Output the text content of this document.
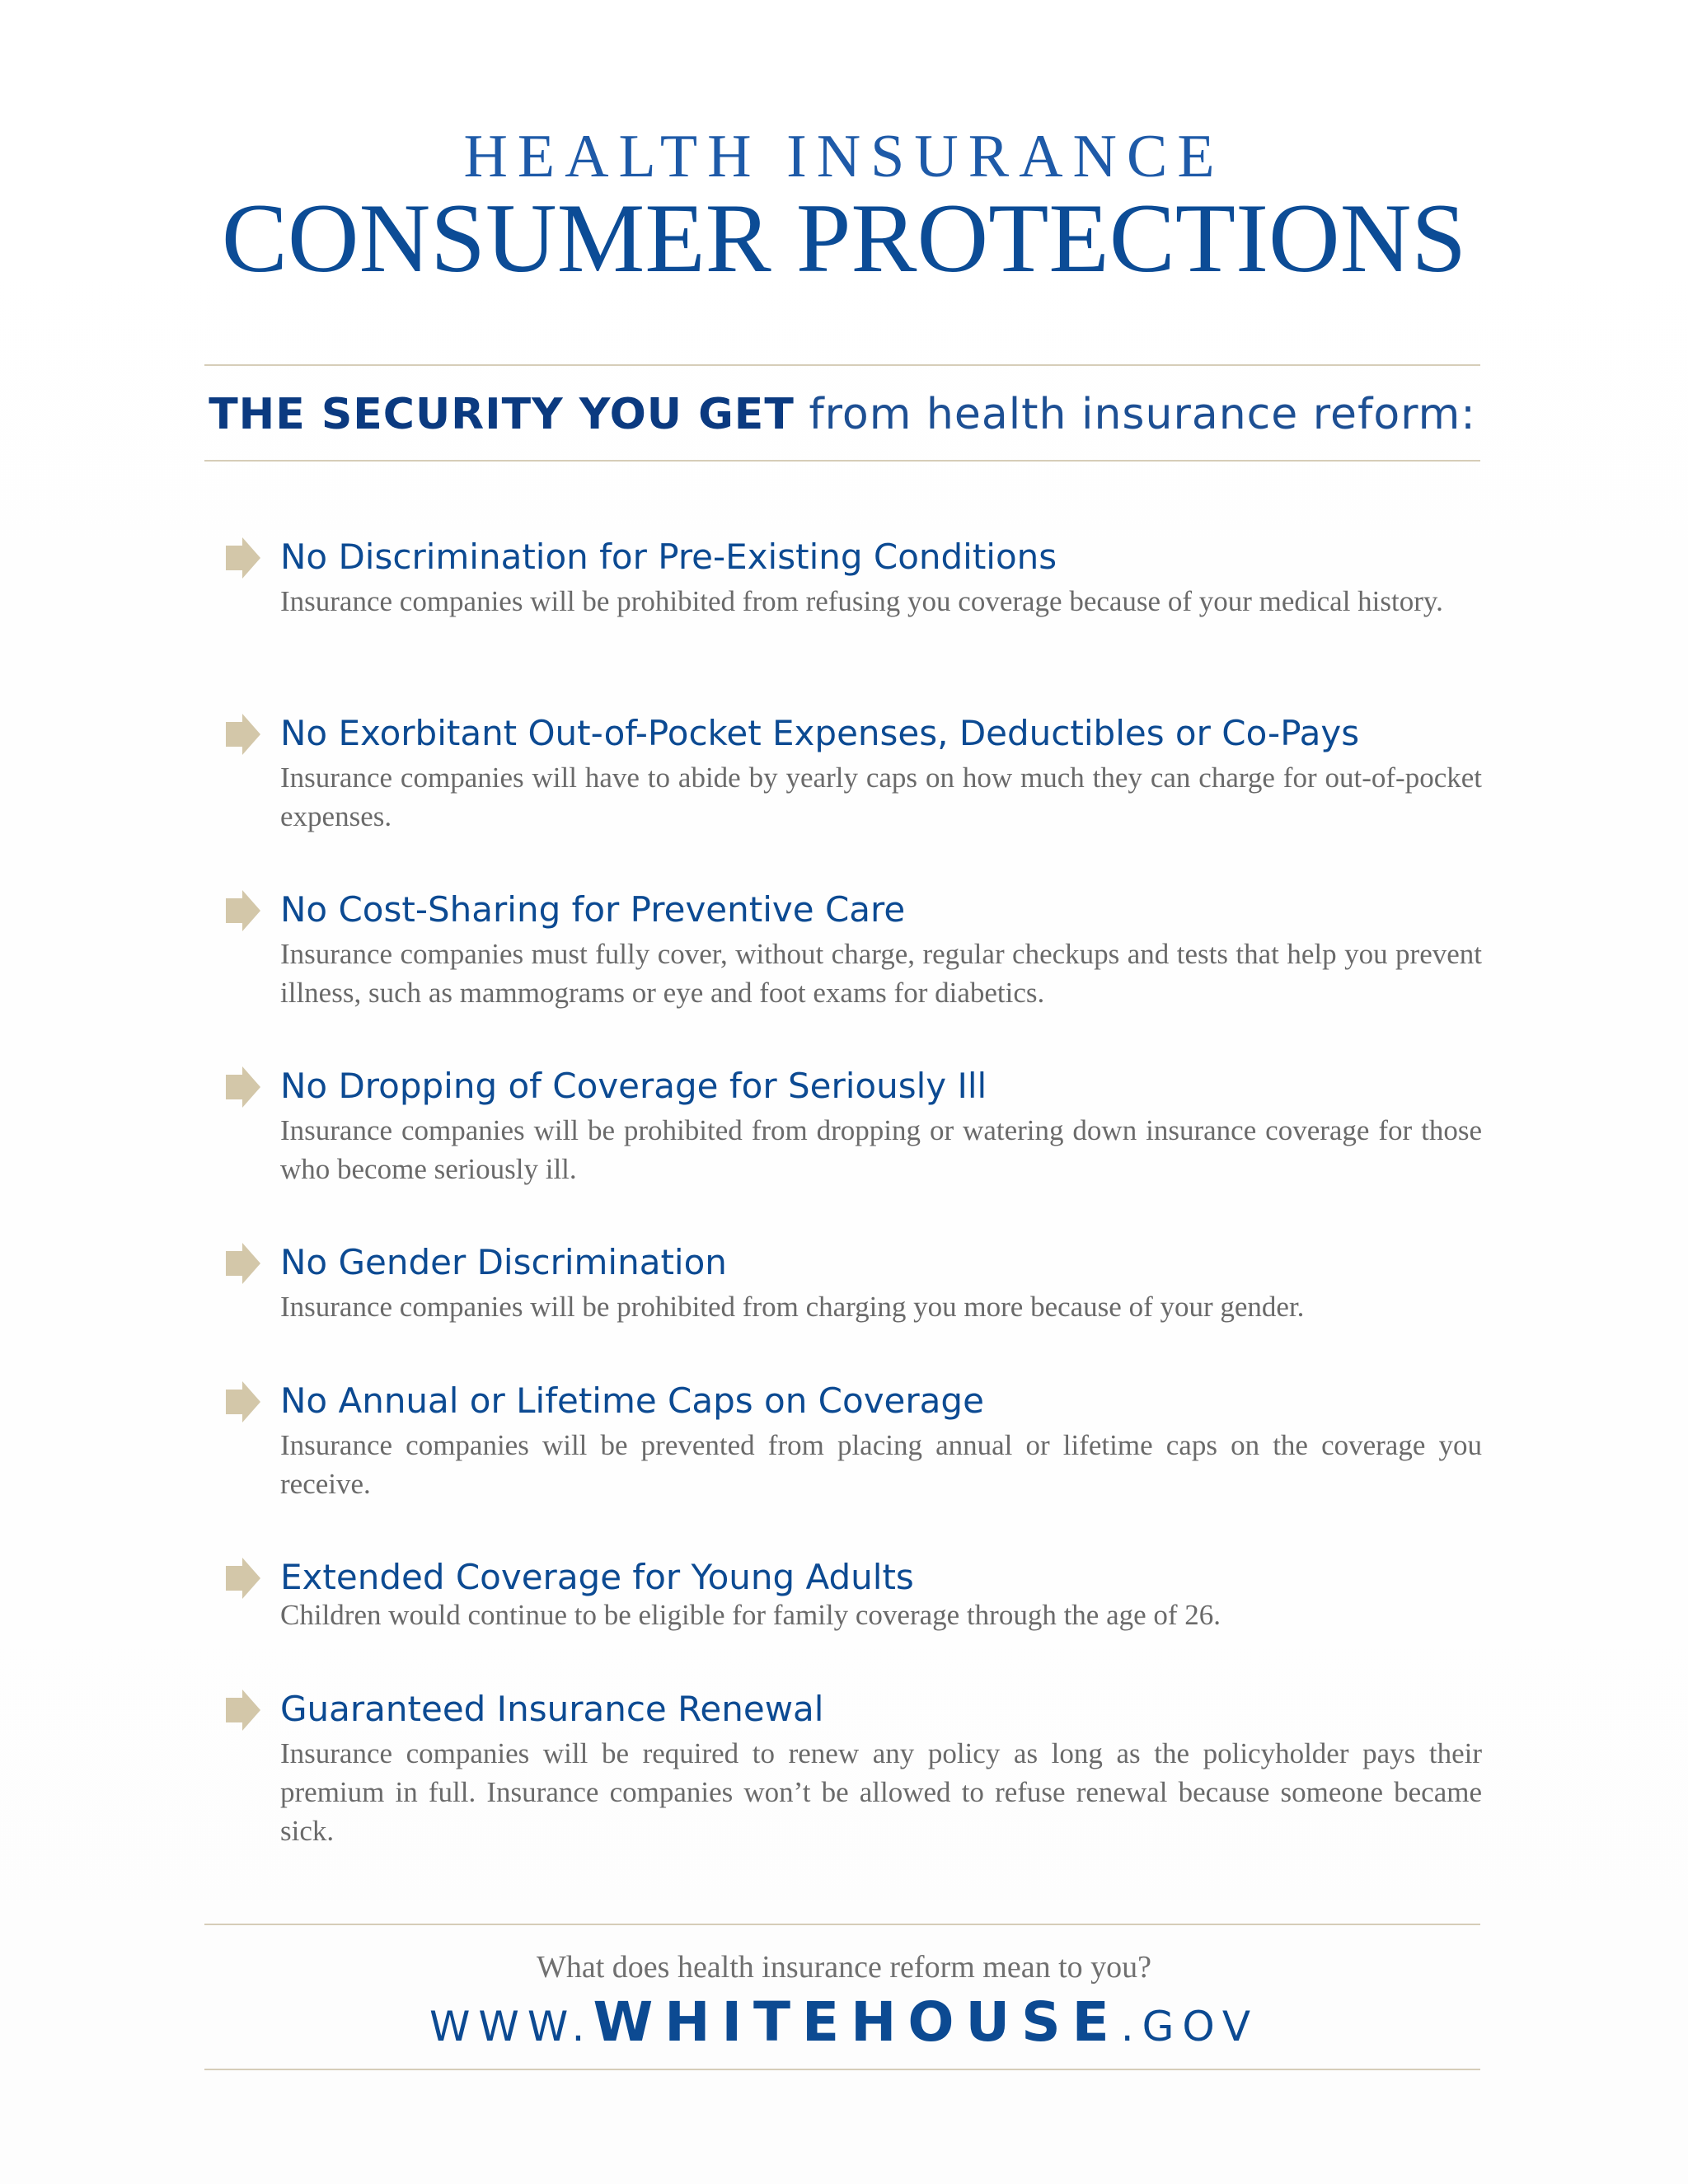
HEALTH INSURANCE
CONSUMER PROTECTIONS
THE SECURITY YOU GET from health insurance reform:
No Discrimination for Pre-Existing Conditions
Insurance companies will be prohibited from refusing you coverage because of your medical history.
No Exorbitant Out-of-Pocket Expenses, Deductibles or Co-Pays
Insurance companies will have to abide by yearly caps on how much they can charge for out-of-pocket expenses.
No Cost-Sharing for Preventive Care
Insurance companies must fully cover, without charge, regular checkups and tests that help you prevent illness, such as mammograms or eye and foot exams for diabetics.
No Dropping of Coverage for Seriously Ill
Insurance companies will be prohibited from dropping or watering down insurance coverage for those who become seriously ill.
No Gender Discrimination
Insurance companies will be prohibited from charging you more because of your gender.
No Annual or Lifetime Caps on Coverage
Insurance companies will be prevented from placing annual or lifetime caps on the coverage you receive.
Extended Coverage for Young Adults
Children would continue to be eligible for family coverage through the age of 26.
Guaranteed Insurance Renewal
Insurance companies will be required to renew any policy as long as the policyholder pays their premium in full. Insurance companies won’t be allowed to refuse renewal because someone became sick.
What does health insurance reform mean to you?
WWW.WHITEHOUSE.GOV
